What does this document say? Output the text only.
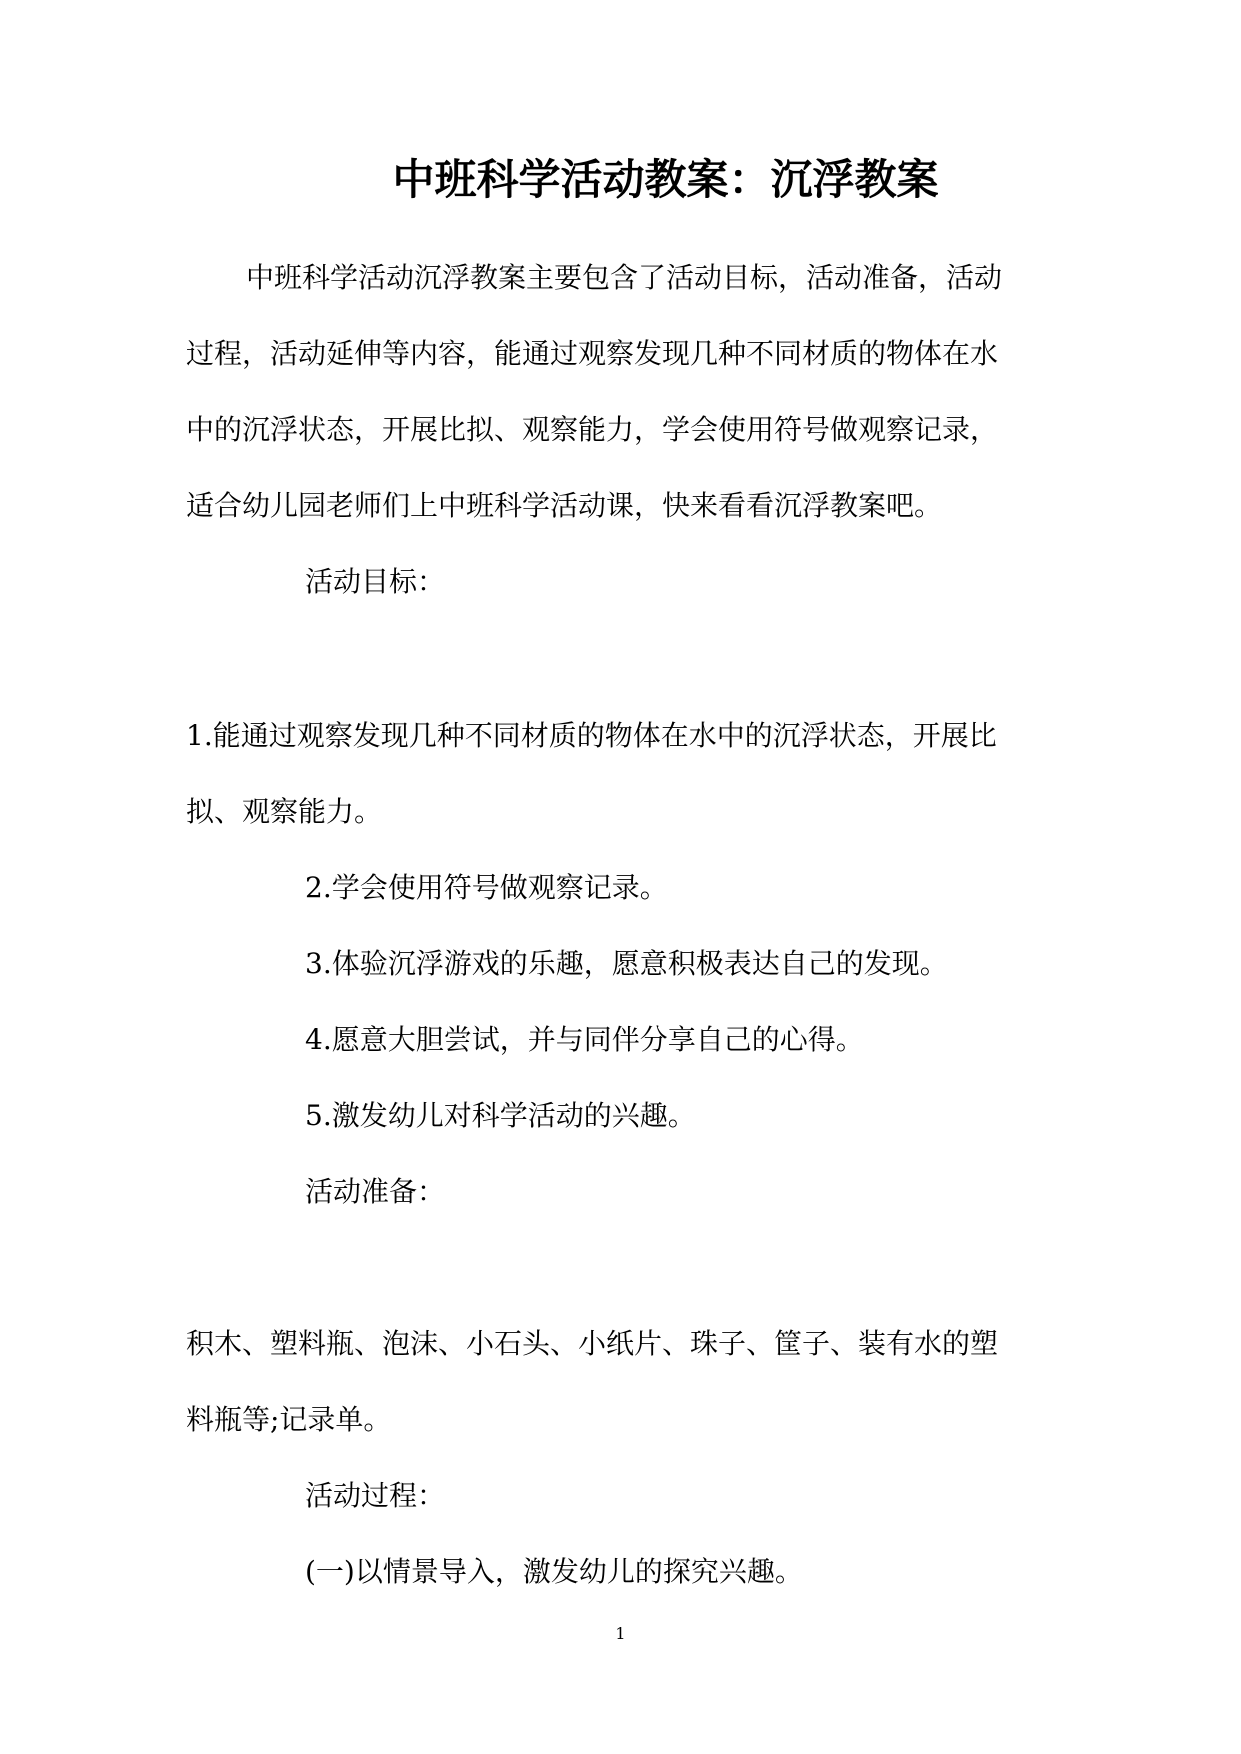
中班科学活动教案：沉浮教案
中班科学活动沉浮教案主要包含了活动目标，活动准备，活动
过程，活动延伸等内容，能通过观察发现几种不同材质的物体在水
中的沉浮状态，开展比拟、观察能力，学会使用符号做观察记录，
适合幼儿园老师们上中班科学活动课，快来看看沉浮教案吧。
活动目标：
1.能通过观察发现几种不同材质的物体在水中的沉浮状态，开展比
拟、观察能力。
2.学会使用符号做观察记录。
3.体验沉浮游戏的乐趣，愿意积极表达自己的发现。
4.愿意大胆尝试，并与同伴分享自己的心得。
5.激发幼儿对科学活动的兴趣。
活动准备：
积木、塑料瓶、泡沫、小石头、小纸片、珠子、筐子、装有水的塑
料瓶等;记录单。
活动过程：
(一)以情景导入，激发幼儿的探究兴趣。
1
